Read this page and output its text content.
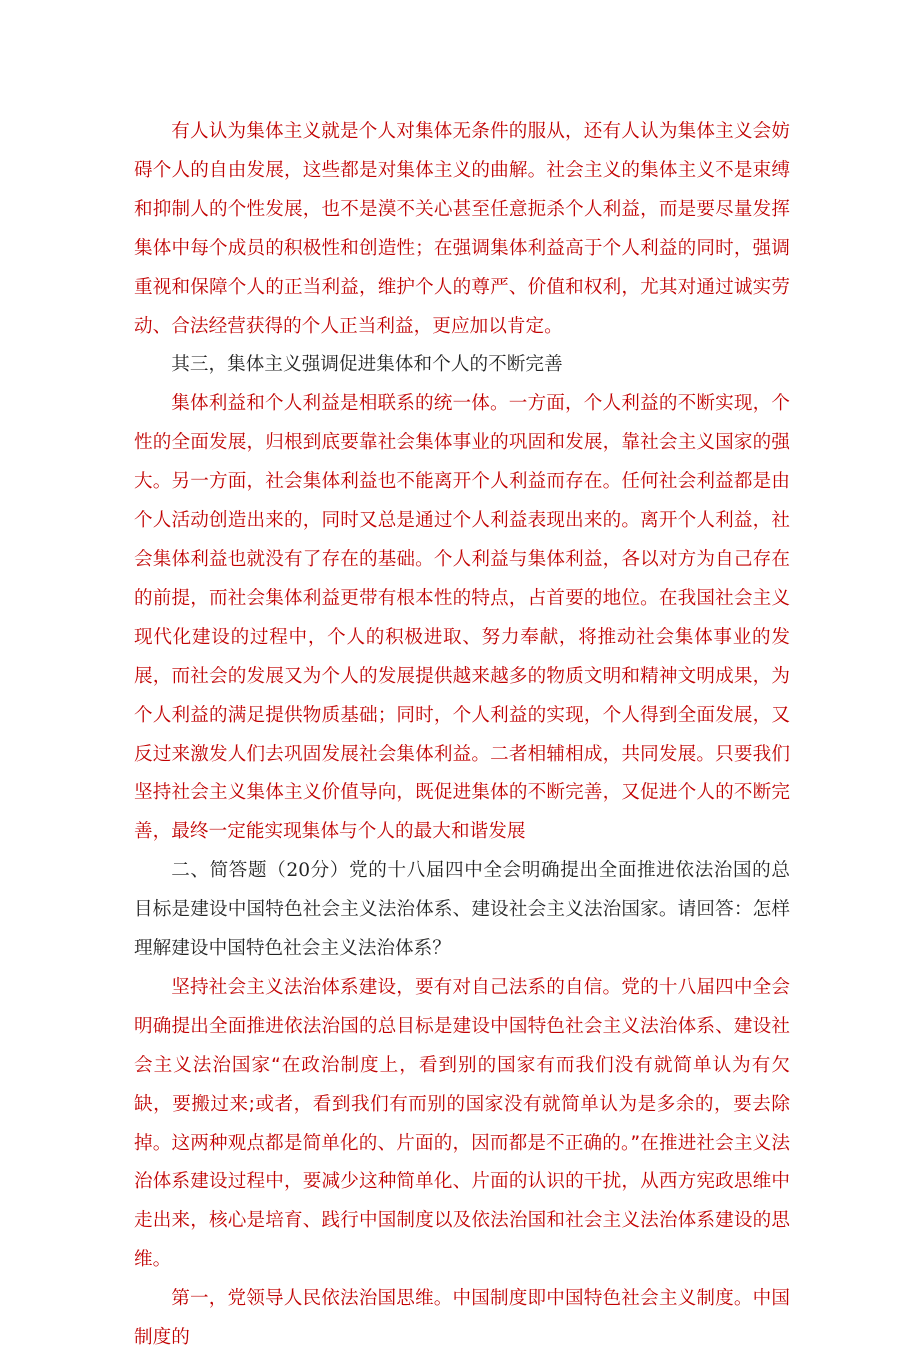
有人认为集体主义就是个人对集体无条件的服从，还有人认为集体主义会妨碍个人的自由发展，这些都是对集体主义的曲解。社会主义的集体主义不是束缚和抑制人的个性发展，也不是漠不关心甚至任意扼杀个人利益，而是要尽量发挥集体中每个成员的积极性和创造性；在强调集体利益高于个人利益的同时，强调重视和保障个人的正当利益，维护个人的尊严、价值和权利，尤其对通过诚实劳动、合法经营获得的个人正当利益，更应加以肯定。

其三，集体主义强调促进集体和个人的不断完善

集体利益和个人利益是相联系的统一体。一方面，个人利益的不断实现，个性的全面发展，归根到底要靠社会集体事业的巩固和发展，靠社会主义国家的强大。另一方面，社会集体利益也不能离开个人利益而存在。任何社会利益都是由个人活动创造出来的，同时又总是通过个人利益表现出来的。离开个人利益，社会集体利益也就没有了存在的基础。个人利益与集体利益，各以对方为自己存在的前提，而社会集体利益更带有根本性的特点，占首要的地位。在我国社会主义现代化建设的过程中，个人的积极进取、努力奉献，将推动社会集体事业的发展，而社会的发展又为个人的发展提供越来越多的物质文明和精神文明成果，为个人利益的满足提供物质基础；同时，个人利益的实现，个人得到全面发展，又反过来激发人们去巩固发展社会集体利益。二者相辅相成，共同发展。只要我们坚持社会主义集体主义价值导向，既促进集体的不断完善，又促进个人的不断完善，最终一定能实现集体与个人的最大和谐发展

二、简答题（20分）党的十八届四中全会明确提出全面推进依法治国的总目标是建设中国特色社会主义法治体系、建设社会主义法治国家。请回答：怎样理解建设中国特色社会主义法治体系？

坚持社会主义法治体系建设，要有对自己法系的自信。党的十八届四中全会明确提出全面推进依法治国的总目标是建设中国特色社会主义法治体系、建设社会主义法治国家“在政治制度上，看到别的国家有而我们没有就简单认为有欠缺，要搬过来;或者，看到我们有而别的国家没有就简单认为是多余的，要去除掉。这两种观点都是简单化的、片面的，因而都是不正确的。”在推进社会主义法治体系建设过程中，要减少这种简单化、片面的认识的干扰，从西方宪政思维中走出来，核心是培育、践行中国制度以及依法治国和社会主义法治体系建设的思维。

第一，党领导人民依法治国思维。中国制度即中国特色社会主义制度。中国制度的
